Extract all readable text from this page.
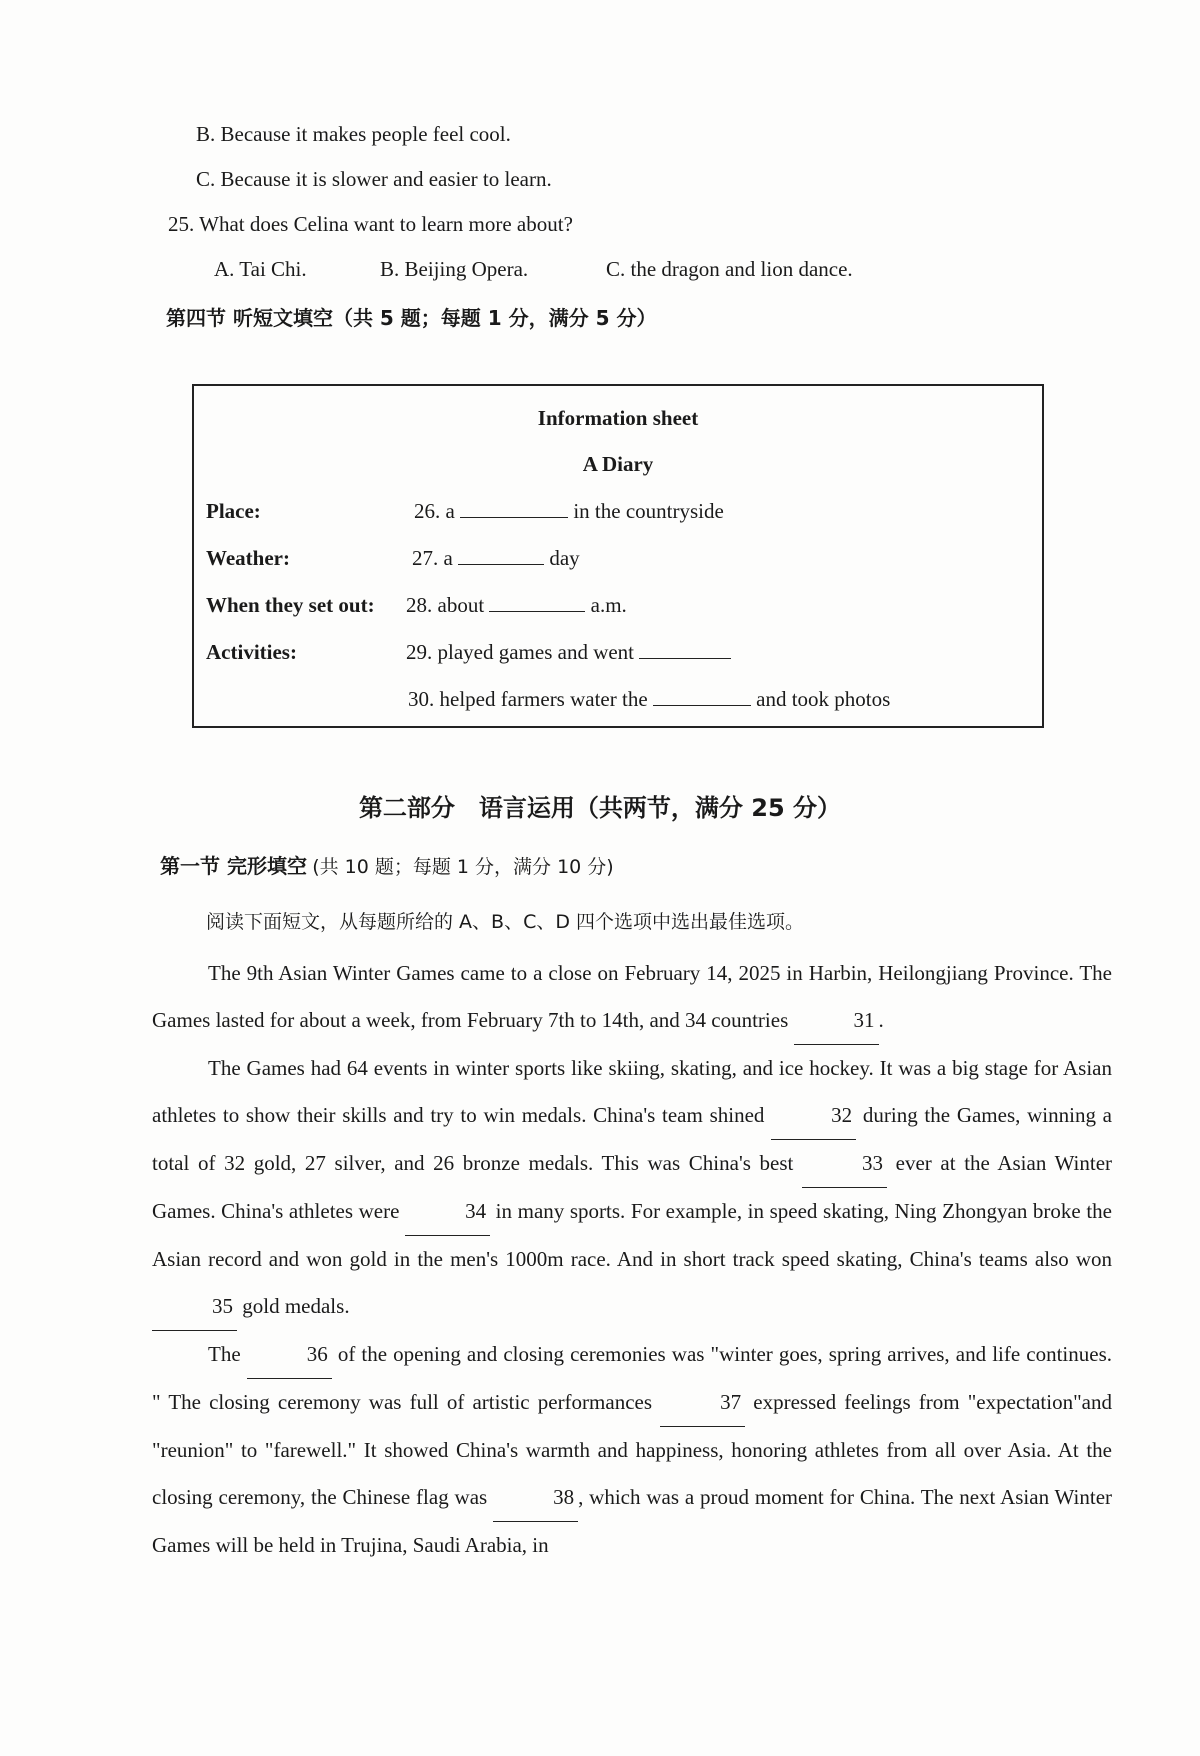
B. Because it makes people feel cool.
C. Because it is slower and easier to learn.
25. What does Celina want to learn more about?
A. Tai Chi.	B. Beijing Opera.	C. the dragon and lion dance.
第四节 听短文填空（共 5 题；每题 1 分，满分 5 分）
Information sheet
A Diary
Place:	26. a	in the countryside
Weather:	27. a	day
When they set out: 28. about	a.m.
Activities:	29. played games and went
30. helped farmers water the	and took photos
第二部分　语言运用（共两节，满分 25 分）
第一节 完形填空 (共 10 题；每题 1 分，满分 10 分)
阅读下面短文，从每题所给的 A、B、C、D 四个选项中选出最佳选项。

The 9th Asian Winter Games came to a close on February 14, 2025 in Harbin, Heilongjiang Province. The Games lasted for about a week, from February 7th to 14th, and 34 countries	31 .

The Games had 64 events in winter sports like skiing, skating, and ice hockey. It was a big stage for Asian athletes to show their skills and try to win medals. China's team shined	32 during the Games, winning a total of 32 gold, 27 silver, and 26 bronze medals. This was China's best	33 ever at the Asian Winter Games. China's athletes were	34 in many sports. For example, in speed skating, Ning Zhongyan broke the Asian record and won gold in the men's 1000m race. And in short track speed skating, China's teams also won 35 gold medals.

The	36 of the opening and closing ceremonies was "winter goes, spring arrives, and life continues. " The closing ceremony was full of artistic performances	37 expressed feelings from "expectation"and "reunion" to "farewell." It showed China's warmth and happiness, honoring athletes from all over Asia. At the closing ceremony, the Chinese flag was	38 , which was a proud moment for China. The next Asian Winter Games will be held in Trujina, Saudi Arabia, in
